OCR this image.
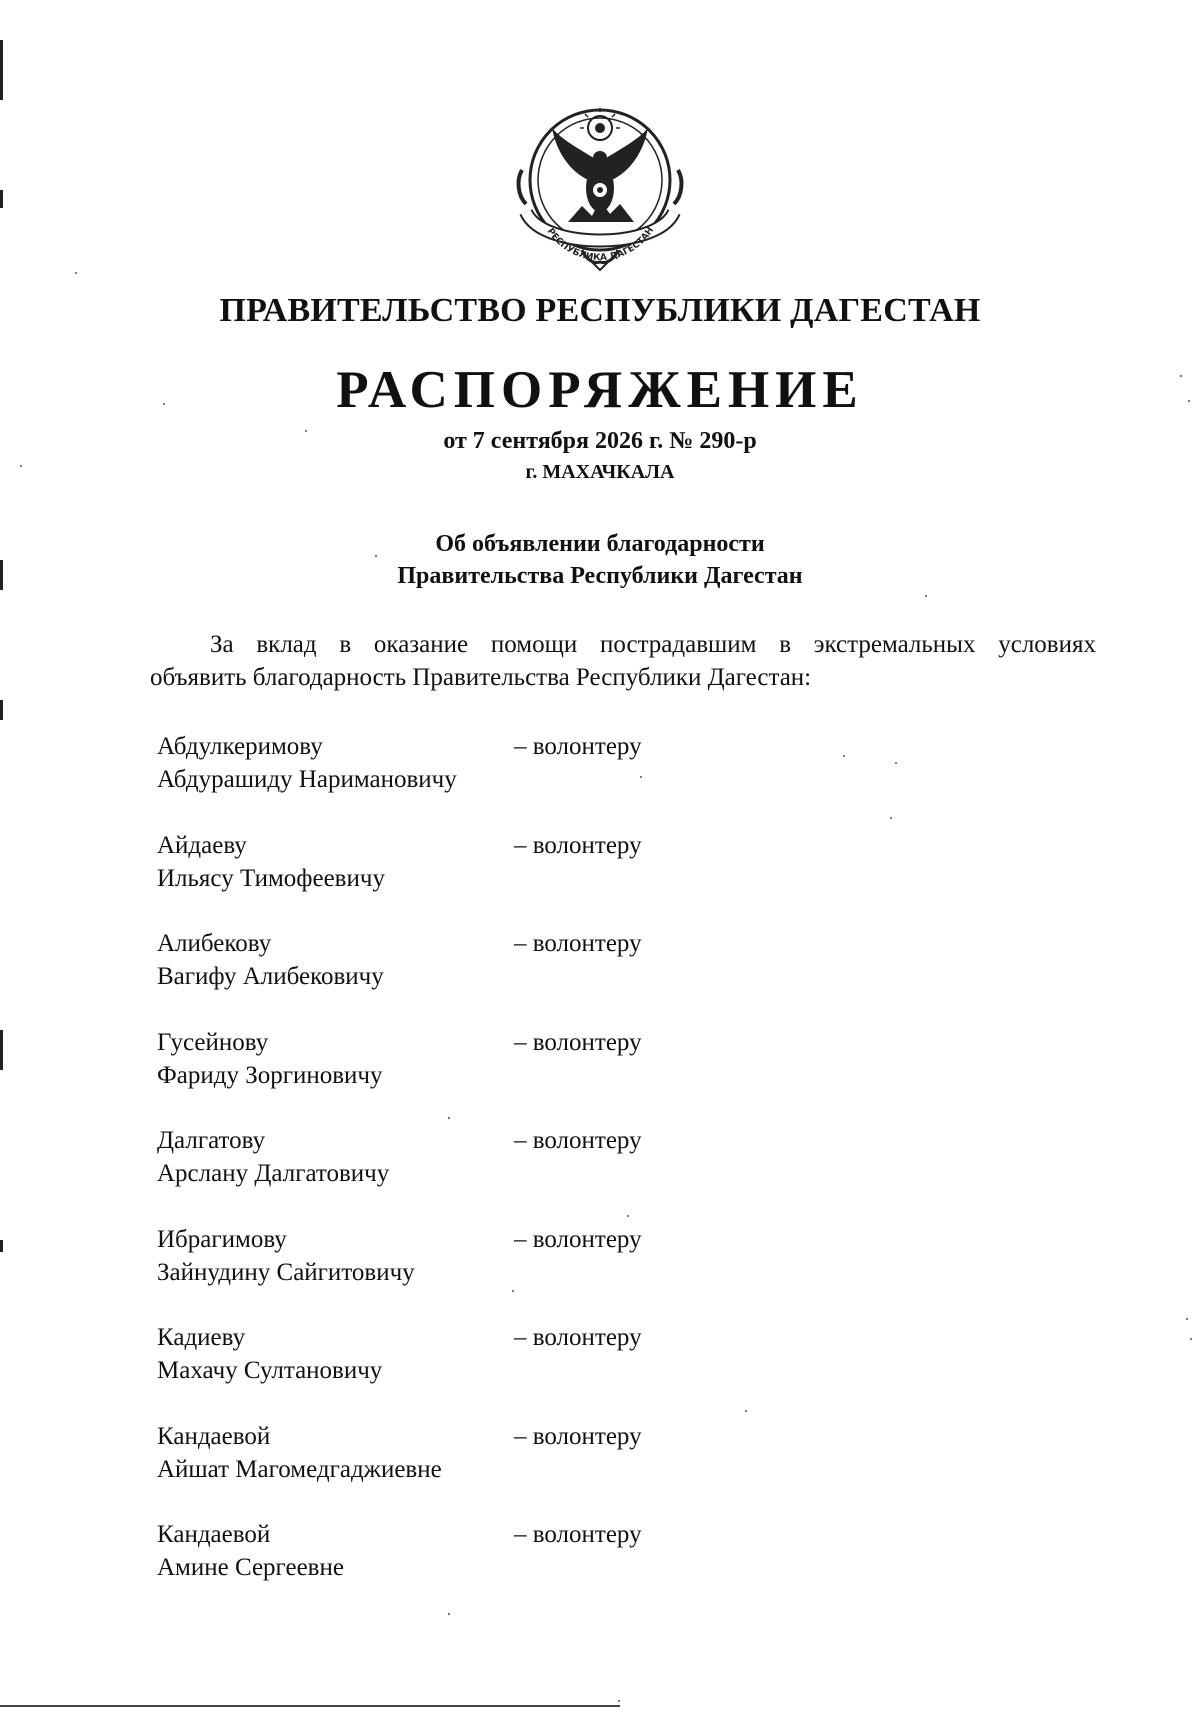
РЕСПУБЛИКА ДАГЕСТАН
ПРАВИТЕЛЬСТВО РЕСПУБЛИКИ ДАГЕСТАН
РАСПОРЯЖЕНИЕ
от 7 сентября 2026 г. № 290-р
г. МАХАЧКАЛА
Об объявлении благодарности
Правительства Республики Дагестан
За вклад в оказание помощи пострадавшим в экстремальных условиях
объявить благодарность Правительства Республики Дагестан:
Абдулкеримову
Абдурашиду Наримановичу
– волонтеру
Айдаеву
Ильясу Тимофеевичу
– волонтеру
Алибекову
Вагифу Алибековичу
– волонтеру
Гусейнову
Фариду Зоргиновичу
– волонтеру
Далгатову
Арслану Далгатовичу
– волонтеру
Ибрагимову
Зайнудину Сайгитовичу
– волонтеру
Кадиеву
Махачу Султановичу
– волонтеру
Кандаевой
Айшат Магомедгаджиевне
– волонтеру
Кандаевой
Амине Сергеевне
– волонтеру
